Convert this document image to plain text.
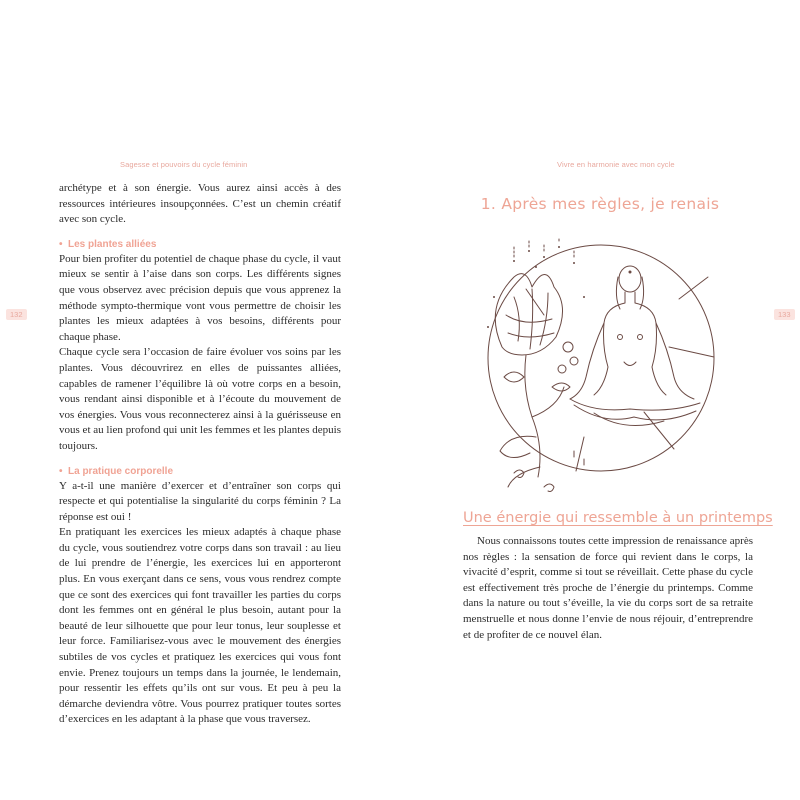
Sagesse et pouvoirs du cycle féminin
132

archétype et à son énergie. Vous aurez ainsi accès à des ressources intérieures insoupçonnées. C’est un chemin créatif avec son cycle.

• Les plantes alliées

Pour bien profiter du potentiel de chaque phase du cycle, il vaut mieux se sentir à l’aise dans son corps. Les différents signes que vous observez avec précision depuis que vous apprenez la méthode sympto-thermique vont vous permettre de choisir les plantes les mieux adaptées à vos besoins, différents pour chaque phase.

Chaque cycle sera l’occasion de faire évoluer vos soins par les plantes. Vous découvrirez en elles de puissantes alliées, capables de ramener l’équilibre là où votre corps en a besoin, vous rendant ainsi disponible et à l’écoute du mouvement de vos énergies. Vous vous reconnecterez ainsi à la guérisseuse en vous et au lien profond qui unit les femmes et les plantes depuis toujours.

• La pratique corporelle

Y a-t-il une manière d’exercer et d’entraîner son corps qui respecte et qui potentialise la singularité du corps féminin ? La réponse est oui !

En pratiquant les exercices les mieux adaptés à chaque phase du cycle, vous soutiendrez votre corps dans son travail : au lieu de lui prendre de l’énergie, les exercices lui en apporteront plus. En vous exerçant dans ce sens, vous vous rendrez compte que ce sont des exercices qui font travailler les parties du corps dont les femmes ont en général le plus besoin, autant pour la beauté de leur silhouette que pour leur tonus, leur souplesse et leur force. Familiarisez-vous avec le mouvement des énergies subtiles de vos cycles et pratiquez les exercices qui vous font envie. Prenez toujours un temps dans la journée, le lendemain, pour ressentir les effets qu’ils ont sur vous. Et peu à peu la démarche deviendra vôtre. Vous pourrez pratiquer toutes sortes d’exercices en les adaptant à la phase que vous traversez.

Vivre en harmonie avec mon cycle
133
1. Après mes règles, je renais
Une énergie qui ressemble à un printemps

Nous connaissons toutes cette impression de renaissance après nos règles : la sensation de force qui revient dans le corps, la vivacité d’esprit, comme si tout se réveillait. Cette phase du cycle est effectivement très proche de l’énergie du printemps. Comme dans la nature ou tout s’éveille, la vie du corps sort de sa retraite menstruelle et nous donne l’envie de nous réjouir, d’entreprendre et de profiter de ce nouvel élan.
